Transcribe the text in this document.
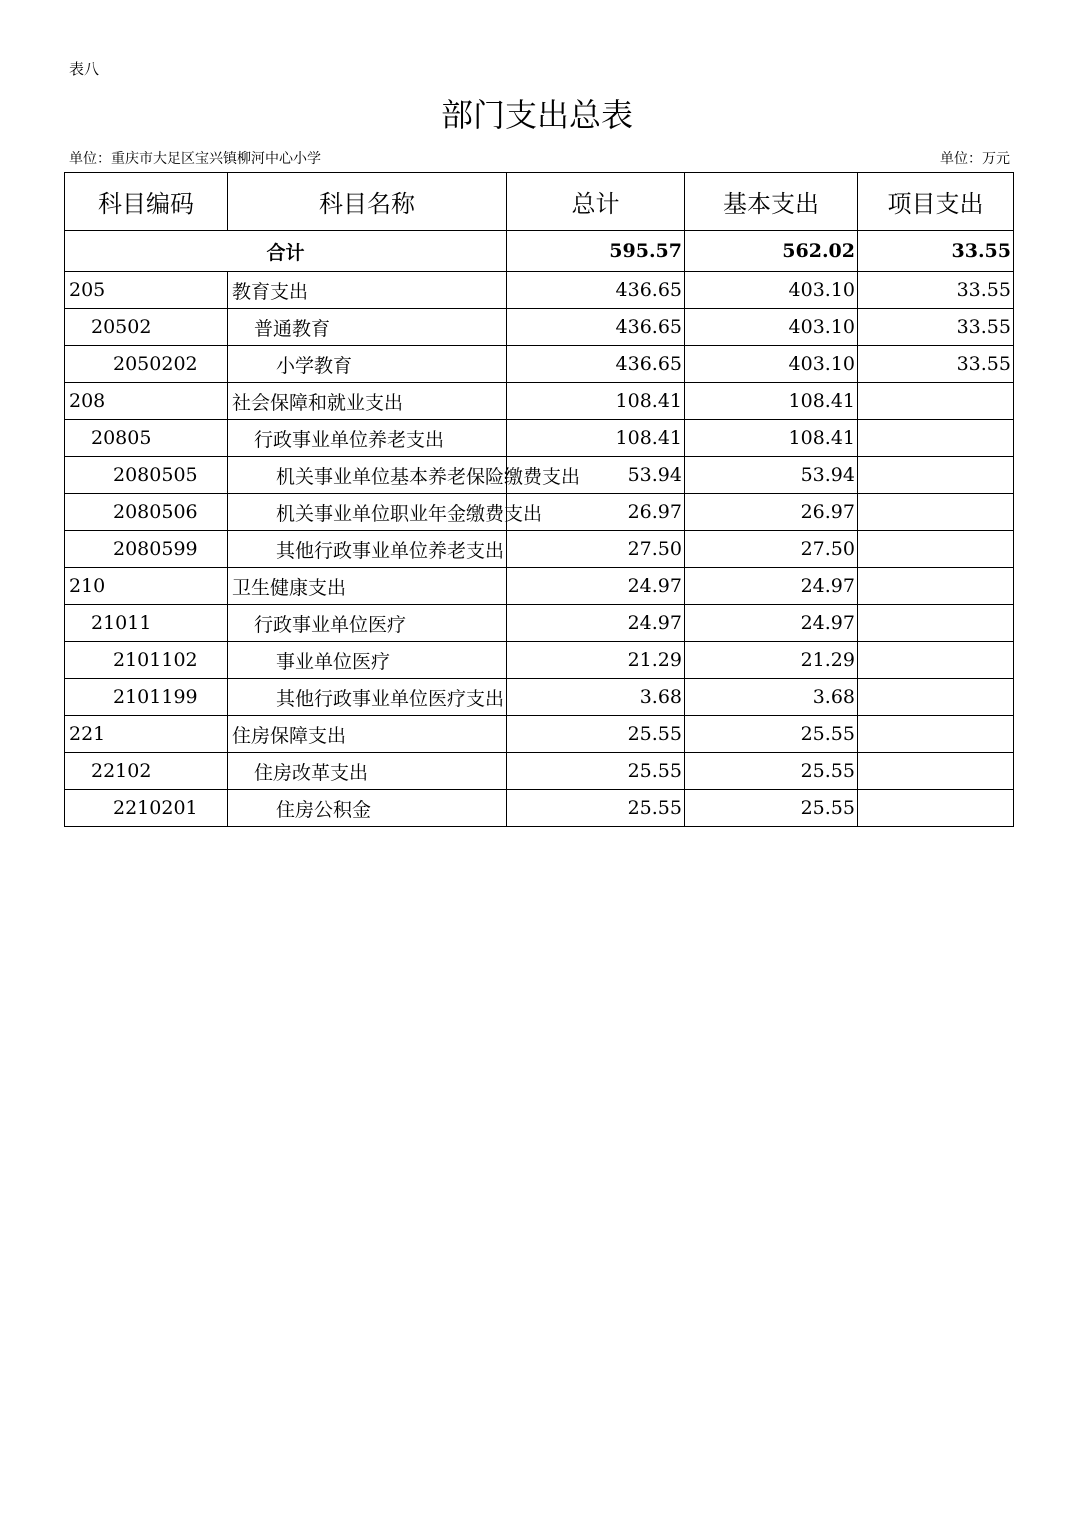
表八
部门支出总表
单位：重庆市大足区宝兴镇柳河中心小学	单位：万元
科目编码	科目名称	总计	基本支出	项目支出
合计		595.57	562.02	33.55
205	教育支出	436.65	403.10	33.55
20502	普通教育	436.65	403.10	33.55
2050202	小学教育	436.65	403.10	33.55
208	社会保障和就业支出	108.41	108.41	
20805	行政事业单位养老支出	108.41	108.41	
2080505	机关事业单位基本养老保险缴费支出	53.94	53.94	
2080506	机关事业单位职业年金缴费支出	26.97	26.97	
2080599	其他行政事业单位养老支出	27.50	27.50	
210	卫生健康支出	24.97	24.97	
21011	行政事业单位医疗	24.97	24.97	
2101102	事业单位医疗	21.29	21.29	
2101199	其他行政事业单位医疗支出	3.68	3.68	
221	住房保障支出	25.55	25.55	
22102	住房改革支出	25.55	25.55	
2210201	住房公积金	25.55	25.55	
